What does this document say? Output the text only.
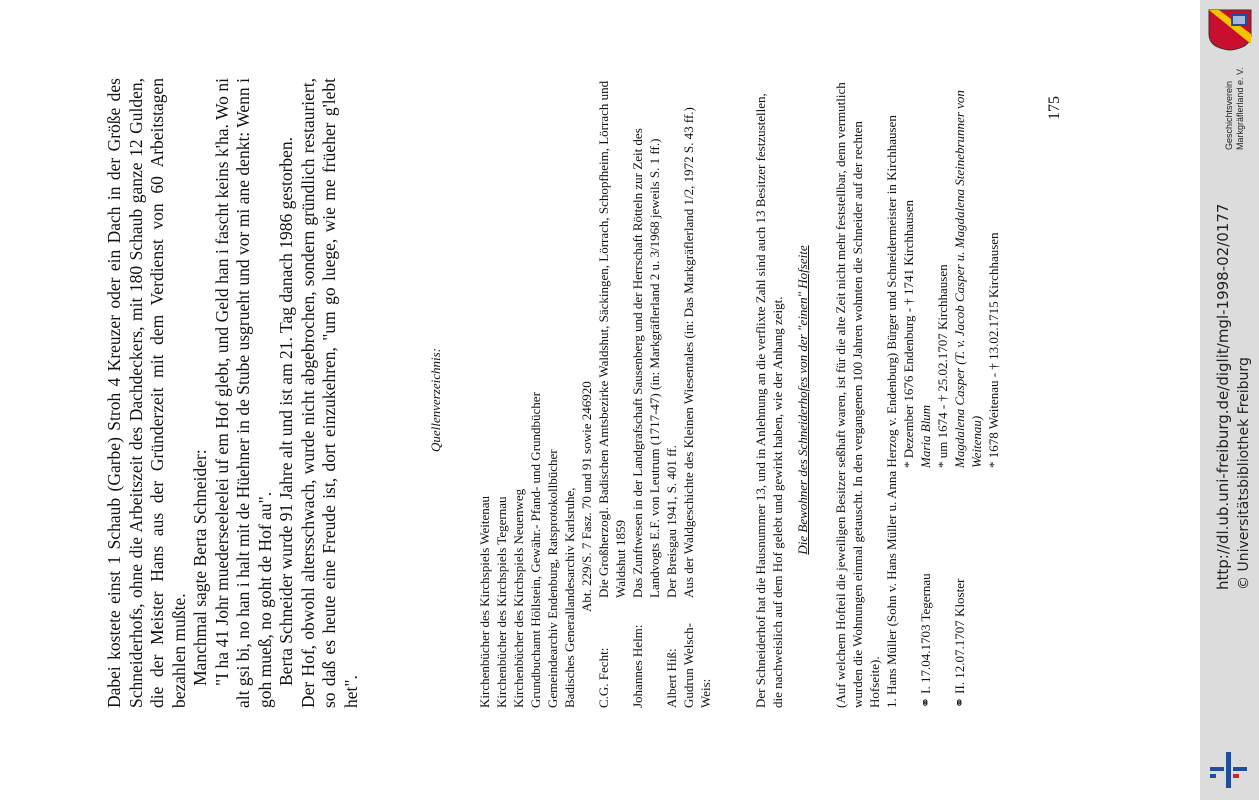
Dabei kostete einst 1 Schaub (Garbe) Stroh 4 Kreuzer oder ein Dach in der Größe des Schneiderhofs, ohne die Arbeitszeit des Dachdeckers, mit 180 Schaub ganze 12 Gulden, die der Meister Hans aus der Gründerzeit mit dem Verdienst von 60 Arbeitstagen bezahlen mußte. Manchmal sagte Berta Schneider: "I ha 41 Johr muederseeleelei uf em Hof glebt, und Geld han i fascht keins k'ha. Wo ni alt gsi bi, no han i halt mit de Hüehner in de Stube usgrueht und vor mi ane denkt: Wenn i goh mueß, no goht de Hof au". Berta Schneider wurde 91 Jahre alt und ist am 21. Tag danach 1986 gestorben. Der Hof, obwohl altersschwach, wurde nicht abgebrochen, sondern gründlich restauriert, so daß es heute eine Freude ist, dort einzukehren, "um go luege, wie me früeher g'lebt het".

Quellenverzeichnis:
Kirchenbücher des Kirchspiels Weitenau Kirchenbücher des Kirchspiels Tegernau Kirchenbücher des Kirchspiels Neuenweg Grundbuchamt Höllstein, Gewähr.- Pfand- und Grundbücher Gemeindearchiv Endenburg, Ratsprotokollbücher Badisches Generallandesarchiv Karlsruhe, Abt. 229/S. 7 Fasz. 70 und 91 sowie 246920
C.G. Fecht:
Die Großherzogl. Badischen Amtsbezirke Waldshut, Säckingen, Lörrach, Schopfheim, Lörrach und Waldshut 1859
Johannes Helm:
Das Zunftwesen in der Landgrafschaft Sausenberg und der Herrschaft Rötteln zur Zeit des Landvogts E.F. von Leutrum (1717-47) (in: Markgräflerland 2 u. 3/1968 jeweils S. 1 ff.)
Albert Hiß:
Der Breisgau 1941, S. 401 ff.
Gudrun Welsch-Weis:
Aus der Waldgeschichte des Kleinen Wiesentales (in: Das Markgräflerland 1/2, 1972 S. 43 ff.)	Der Schneiderhof hat die Hausnummer 13, und in Anlehnung an die verflixte Zahl sind auch 13 Besitzer festzustellen, die nachweislich auf dem Hof gelebt und gewirkt haben, wie der Anhang zeigt. Die Bewohner des Schneiderhofes von der "einen" Hofseite (Auf welchem Hofteil die jeweiligen Besitzer seßhaft waren, ist für die alte Zeit nicht mehr feststellbar, denn vermutlich wurden die Wohnungen einmal getauscht. In den vergangenen 100 Jahren wohnten die Schneider auf der rechten Hofseite). 1. Hans Müller (Sohn v. Hans Müller u. Anna Herzog v. Endenburg) Bürger und Schneidermeister in Kirchhausen * Dezember 1676 Endenburg - † 1741 Kirchhausen
⚭ I. 17.04.1703 Tegernau
Maria Blum * um 1674 - † 25.02.1707 Kirchhausen
⚭ II. 12.07.1707 Kloster
Magdalena Casper (T. v. Jacob Casper u. Magdalena Steinebrunner von Weitenau) * 1678 Weitenau - † 13.02.1715 Kirchhausen
175
http://dl.ub.uni-freiburg.de/diglit/mgl-1998-02/0177 © Universitätsbibliothek Freiburg
Geschichtsverein Markgräflerland e. V.
